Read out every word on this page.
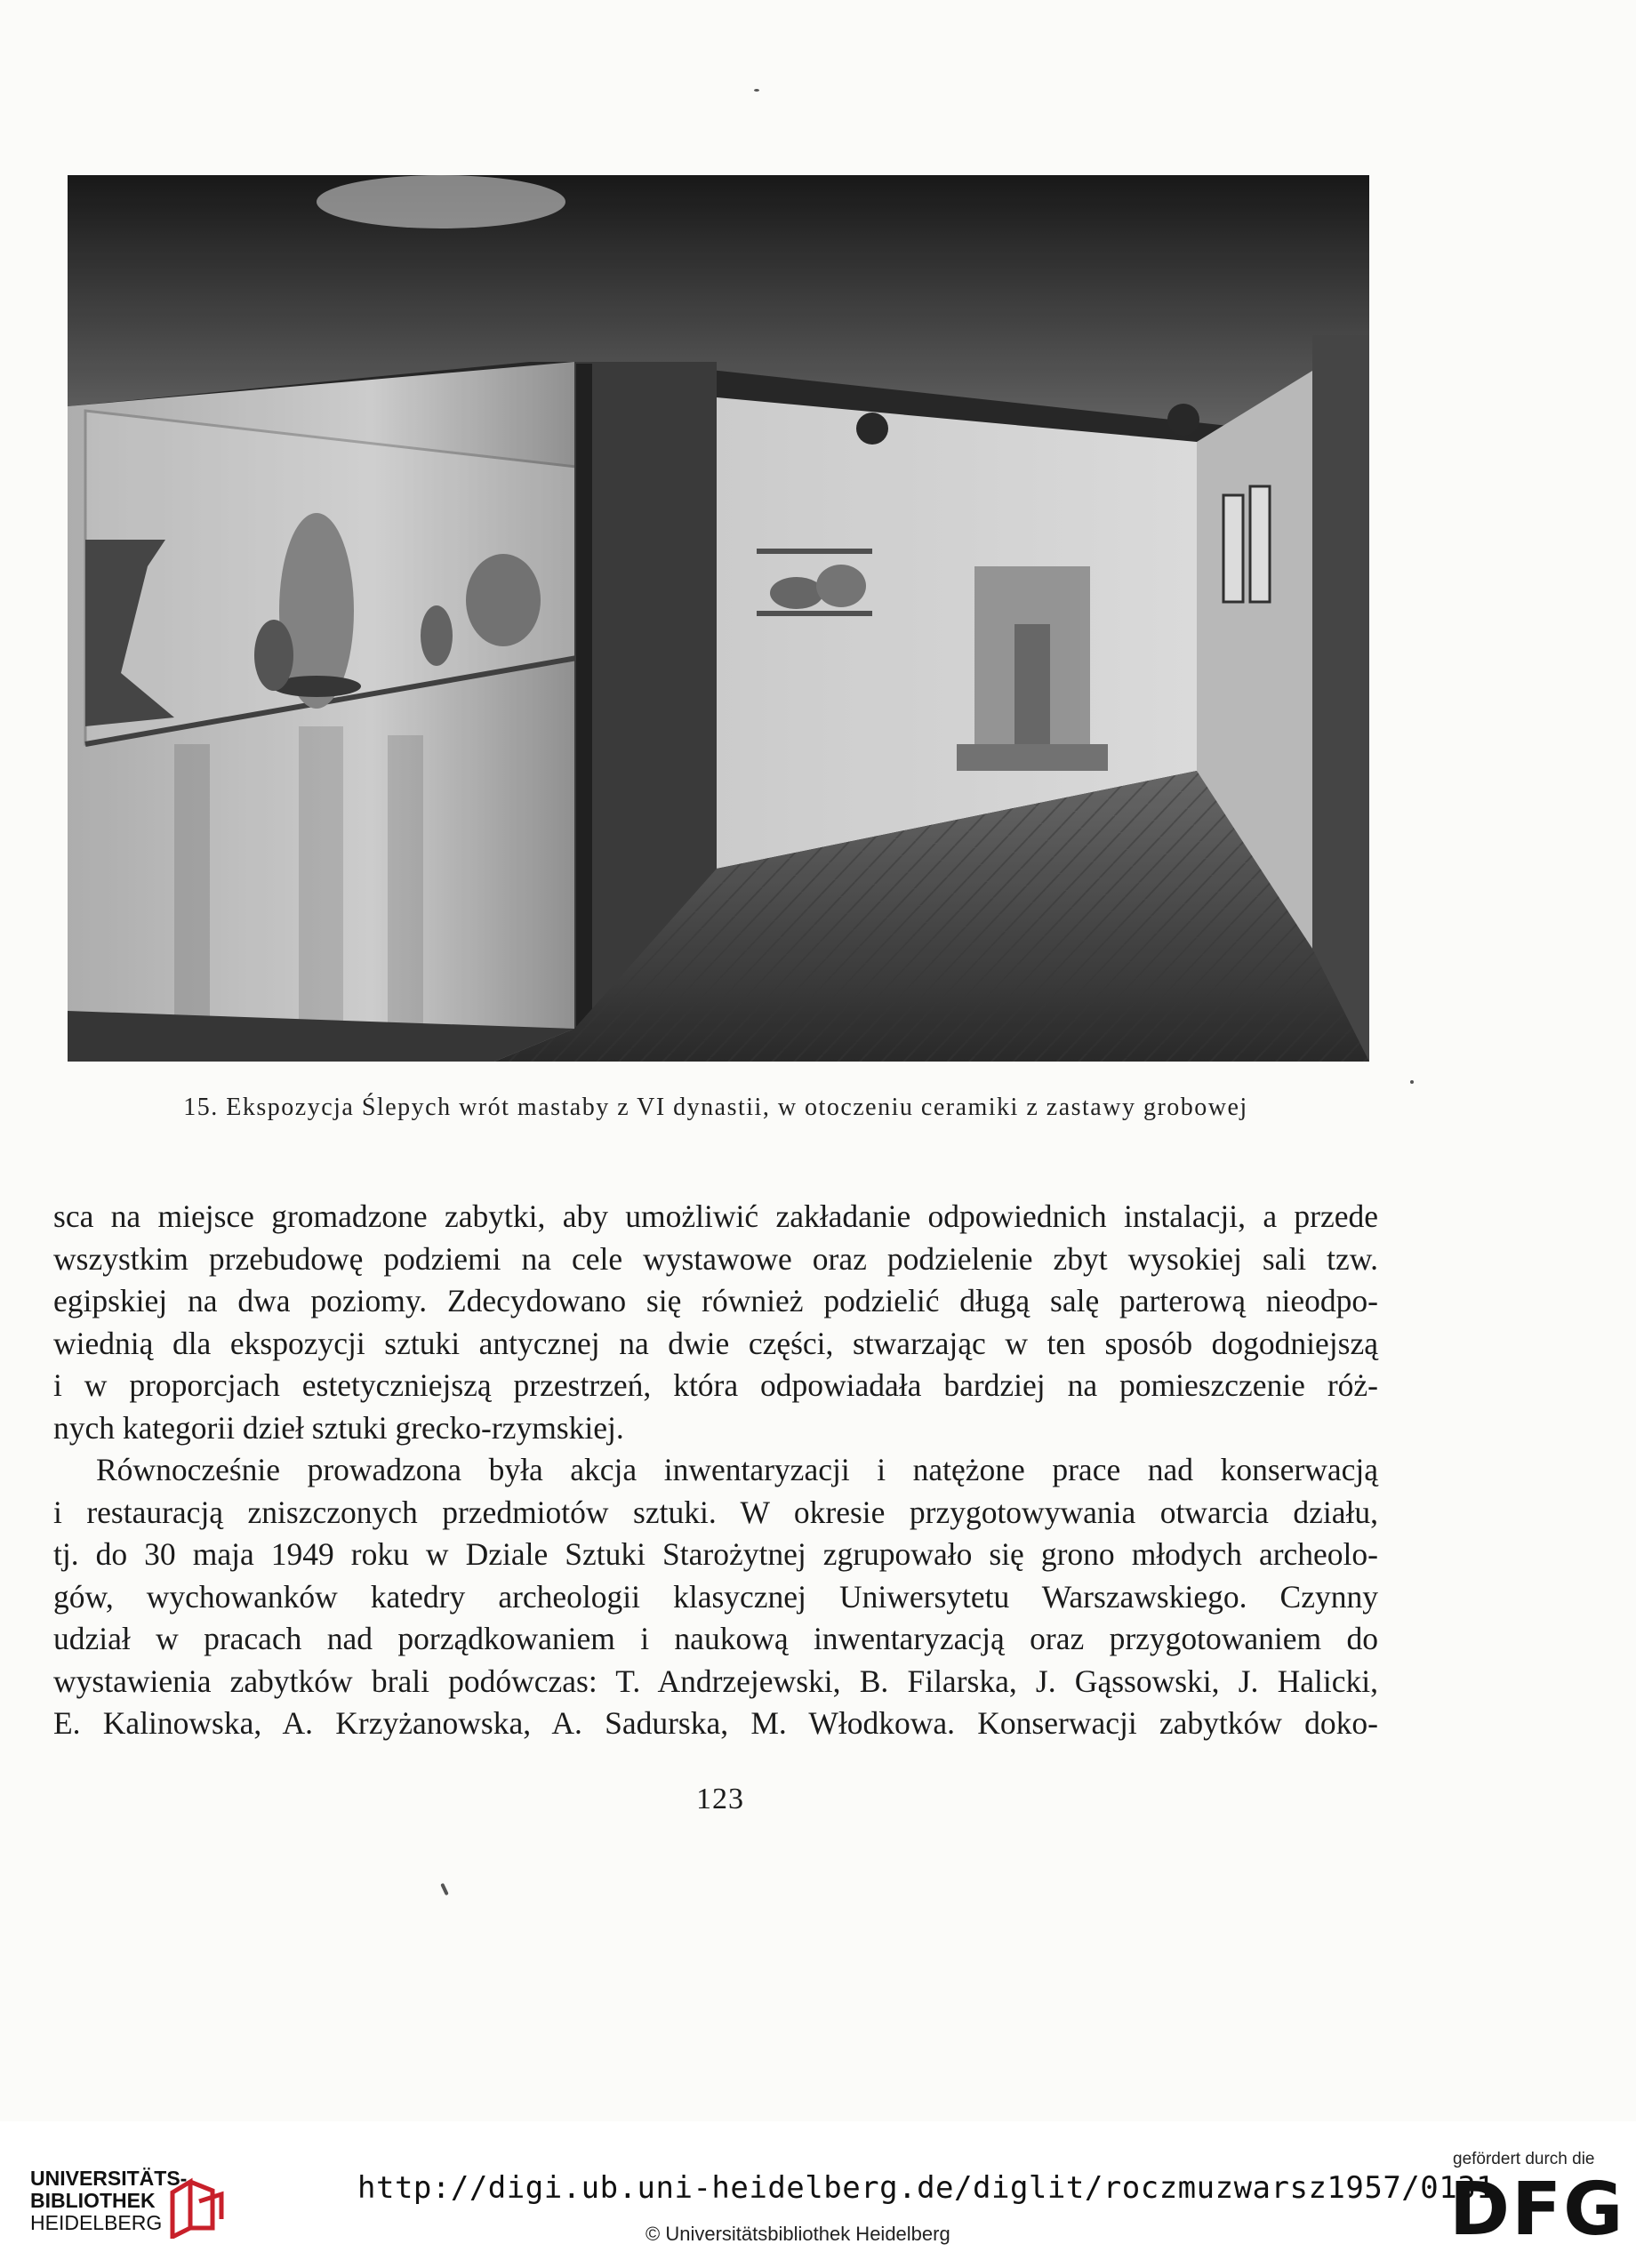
15. Ekspozycja Ślepych wrót mastaby z VI dynastii, w otoczeniu ceramiki z zastawy grobowej
sca na miejsce gromadzone zabytki, aby umożliwić zakładanie odpowiednich instalacji, a przede
wszystkim przebudowę podziemi na cele wystawowe oraz podzielenie zbyt wysokiej sali tzw.
egipskiej na dwa poziomy. Zdecydowano się również podzielić długą salę parterową nieodpo-
wiednią dla ekspozycji sztuki antycznej na dwie części, stwarzając w ten sposób dogodniejszą
i w proporcjach estetyczniejszą przestrzeń, która odpowiadała bardziej na pomieszczenie róż-
nych kategorii dzieł sztuki grecko-rzymskiej.
Równocześnie prowadzona była akcja inwentaryzacji i natężone prace nad konserwacją
i restauracją zniszczonych przedmiotów sztuki. W okresie przygotowywania otwarcia działu,
tj. do 30 maja 1949 roku w Dziale Sztuki Starożytnej zgrupowało się grono młodych archeolo-
gów, wychowanków katedry archeologii klasycznej Uniwersytetu Warszawskiego. Czynny
udział w pracach nad porządkowaniem i naukową inwentaryzacją oraz przygotowaniem do
wystawienia zabytków brali podówczas: T. Andrzejewski, B. Filarska, J. Gąssowski, J. Halicki,
E. Kalinowska, A. Krzyżanowska, A. Sadurska, M. Włodkowa. Konserwacji zabytków doko-
123
UNIVERSITÄTS-
BIBLIOTHEK
HEIDELBERG
http://digi.ub.uni-heidelberg.de/diglit/roczmuzwarsz1957/0131
© Universitätsbibliothek Heidelberg
gefördert durch die
DFG
